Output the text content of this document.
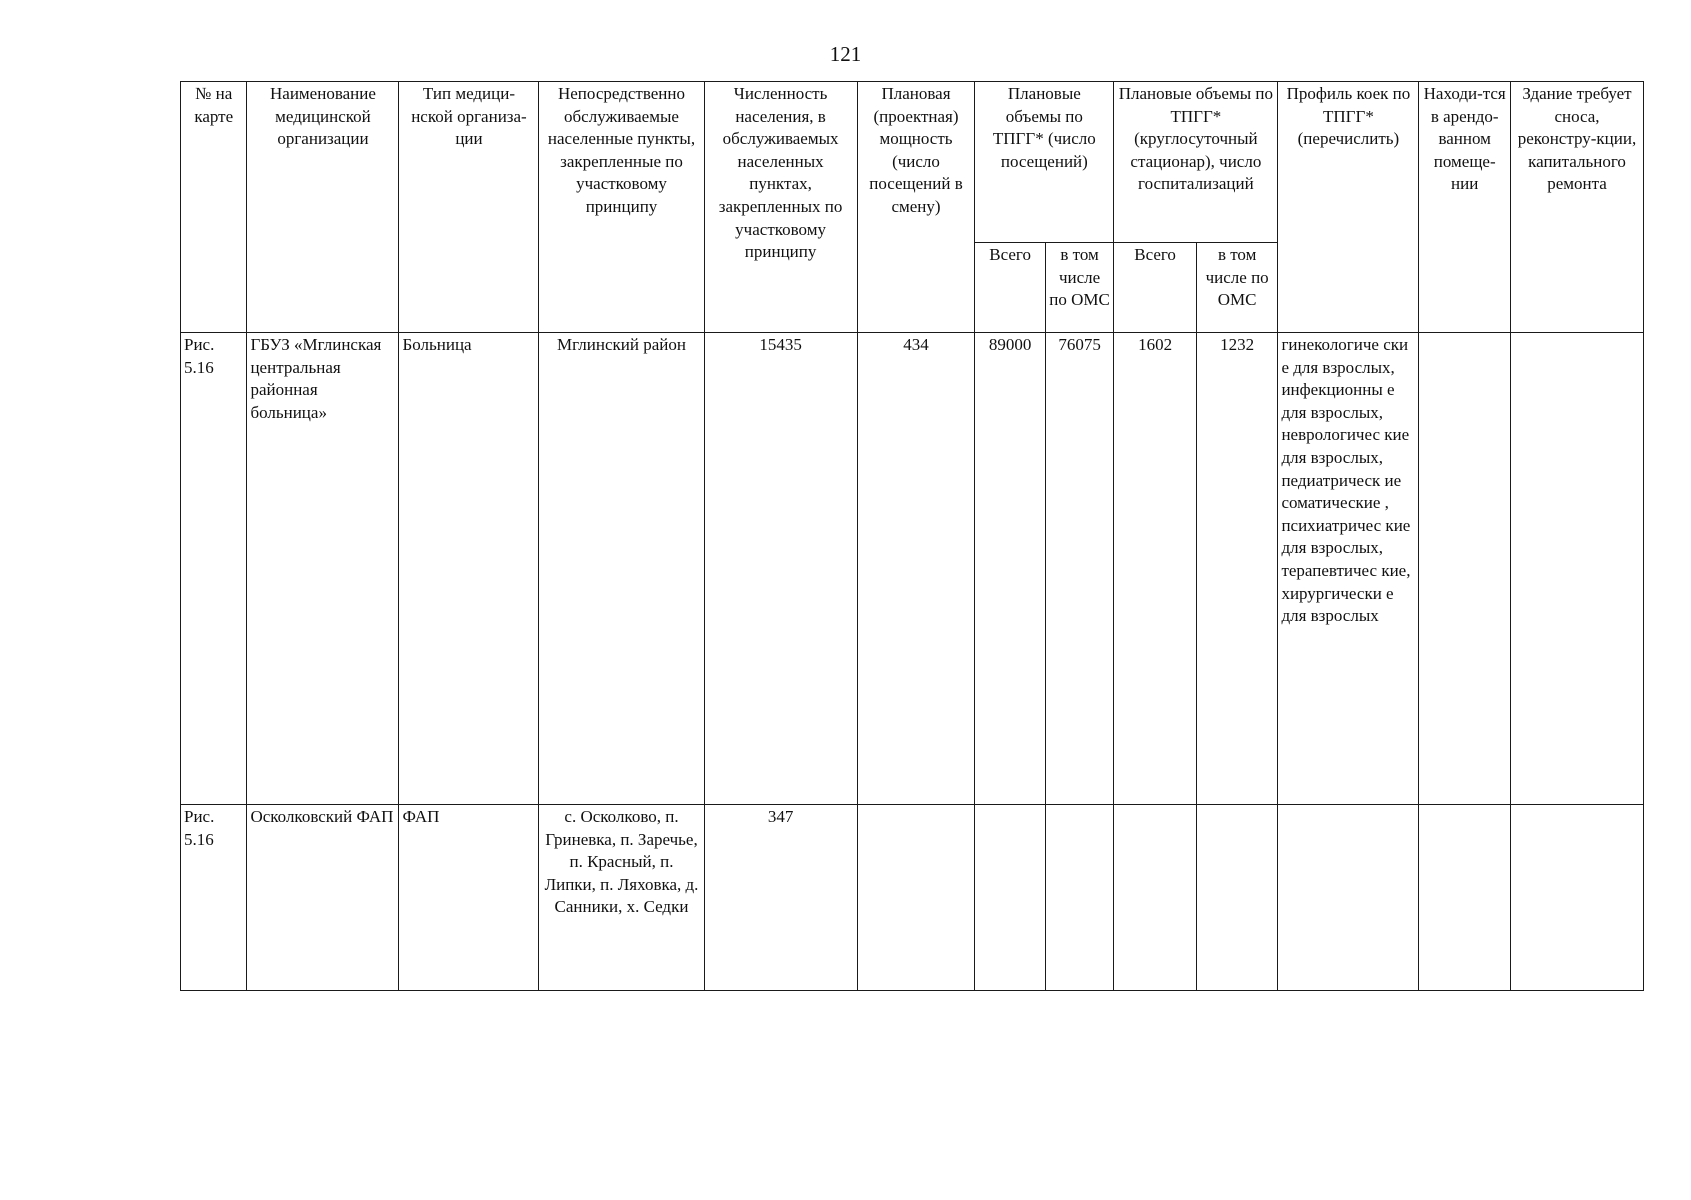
121
№ на карте	Наименование медицинской организации	Тип медици-нской организа-ции	Непосредственно обслуживаемые населенные пункты, закрепленные по участковому принципу	Численность населения, в обслуживаемых населенных пунктах, закрепленных по участковому принципу	Плановая (проектная) мощность (число посещений в смену)	Плановые объемы по ТПГГ* (число посещений)		Плановые объемы по ТПГГ* (круглосуточный стационар), число госпитализаций		Профиль коек по ТПГГ* (перечислить)	Находи-тся в арендо-ванном помеще-нии	Здание требует сноса, реконстру-кции, капитального ремонта
						Всего	в том числе по ОМС	Всего	в том числе по ОМС			
Рис. 5.16	ГБУЗ «Мглинская центральная районная больница»	Больница	Мглинский район	15435	434	89000	76075	1602	1232	гинекологиче ски е для взрослых, инфекционны е для взрослых, неврологичес кие для взрослых, педиатрическ ие соматические , психиатричес кие для взрослых, терапевтичес кие, хирургически е для взрослых		
Рис. 5.16	Осколковский ФАП	ФАП	с. Осколково, п. Гриневка, п. Заречье, п. Красный, п. Липки, п. Ляховка, д. Санники, х. Седки	347								
